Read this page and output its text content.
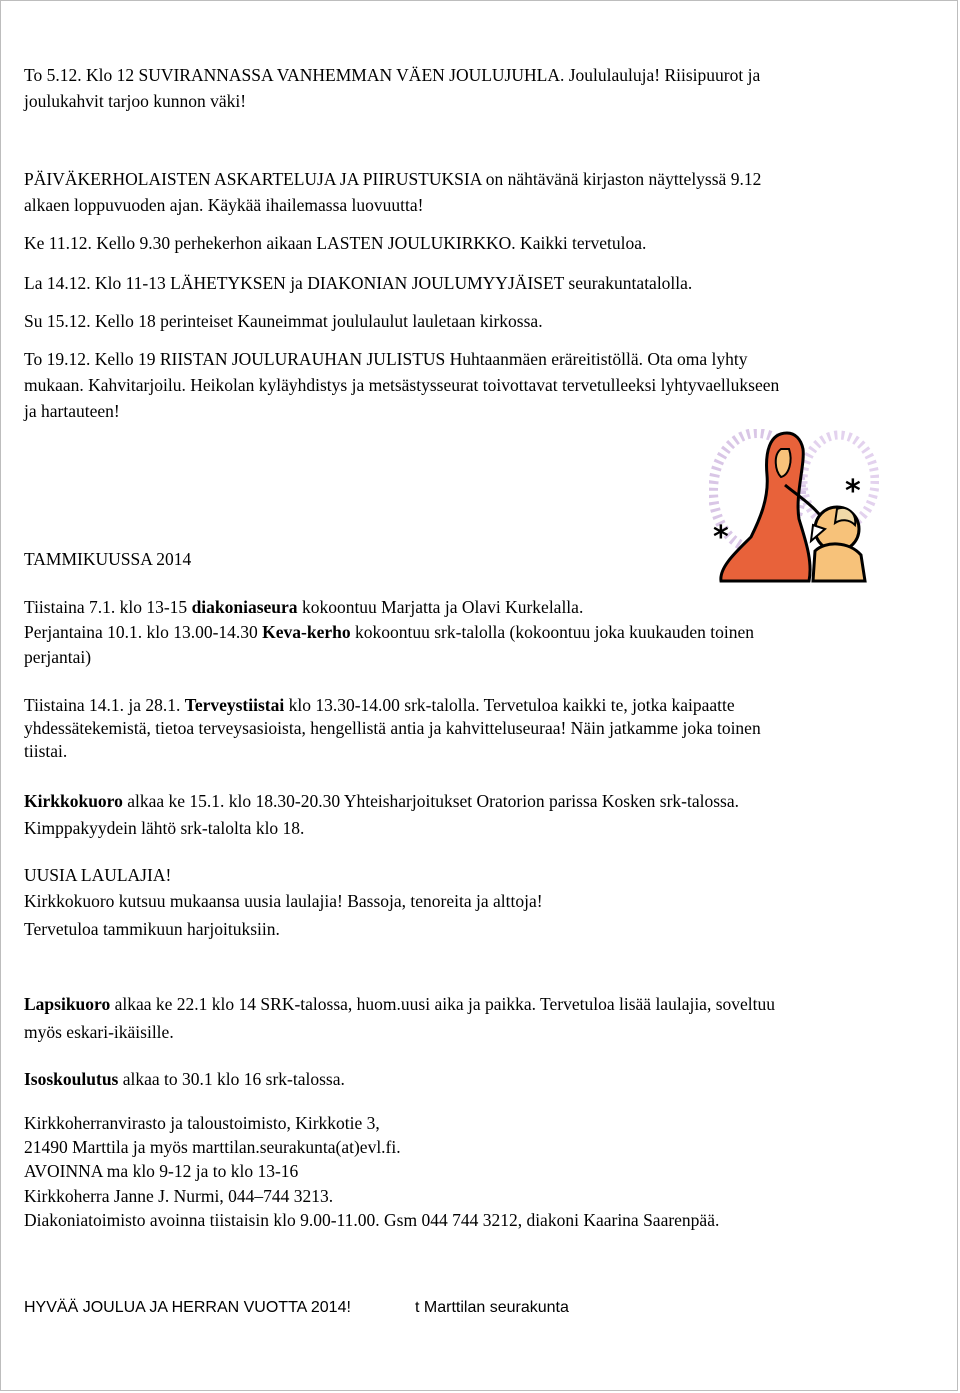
To 5.12. Klo 12 SUVIRANNASSA VANHEMMAN VÄEN JOULUJUHLA. Joululauluja! Riisipuurot ja
joulukahvit tarjoo kunnon väki!
PÄIVÄKERHOLAISTEN ASKARTELUJA JA PIIRUSTUKSIA on nähtävänä kirjaston näyttelyssä 9.12
alkaen loppuvuoden ajan. Käykää ihailemassa luovuutta!
Ke 11.12. Kello 9.30 perhekerhon aikaan LASTEN JOULUKIRKKO. Kaikki tervetuloa.
La 14.12. Klo 11-13 LÄHETYKSEN ja DIAKONIAN JOULUMYYJÄISET seurakuntatalolla.
Su 15.12. Kello 18 perinteiset Kauneimmat joululaulut lauletaan kirkossa.
To 19.12. Kello 19 RIISTAN JOULURAUHAN JULISTUS Huhtaanmäen eräreitistöllä. Ota oma lyhty
mukaan. Kahvitarjoilu. Heikolan kyläyhdistys ja metsästysseurat toivottavat tervetulleeksi lyhtyvaellukseen
ja hartauteen!
*
*
TAMMIKUUSSA 2014
Tiistaina 7.1. klo 13-15 diakoniaseura kokoontuu Marjatta ja Olavi Kurkelalla.
Perjantaina 10.1. klo 13.00-14.30 Keva-kerho kokoontuu srk-talolla (kokoontuu joka kuukauden toinen
perjantai)
Tiistaina 14.1. ja 28.1. Terveystiistai klo 13.30-14.00 srk-talolla. Tervetuloa kaikki te, jotka kaipaatte
yhdessätekemistä, tietoa terveysasioista, hengellistä antia ja kahvitteluseuraa! Näin jatkamme joka toinen
tiistai.
Kirkkokuoro alkaa ke 15.1. klo 18.30-20.30 Yhteisharjoitukset Oratorion parissa Kosken srk-talossa.
Kimppakyydein lähtö srk-talolta klo 18.
UUSIA LAULAJIA!
Kirkkokuoro kutsuu mukaansa uusia laulajia! Bassoja, tenoreita ja alttoja!
Tervetuloa tammikuun harjoituksiin.
Lapsikuoro alkaa ke 22.1 klo 14 SRK-talossa, huom.uusi aika ja paikka. Tervetuloa lisää laulajia, soveltuu
myös eskari-ikäisille.
Isoskoulutus alkaa to 30.1 klo 16 srk-talossa.
Kirkkoherranvirasto ja taloustoimisto, Kirkkotie 3,
21490 Marttila ja myös marttilan.seurakunta(at)evl.fi.
AVOINNA ma klo 9-12 ja to klo 13-16
Kirkkoherra Janne J. Nurmi, 044–744 3213.
Diakoniatoimisto avoinna tiistaisin klo 9.00-11.00. Gsm 044 744 3212, diakoni Kaarina Saarenpää.
HYVÄÄ JOULUA JA HERRAN VUOTTA 2014!	t Marttilan seurakunta
